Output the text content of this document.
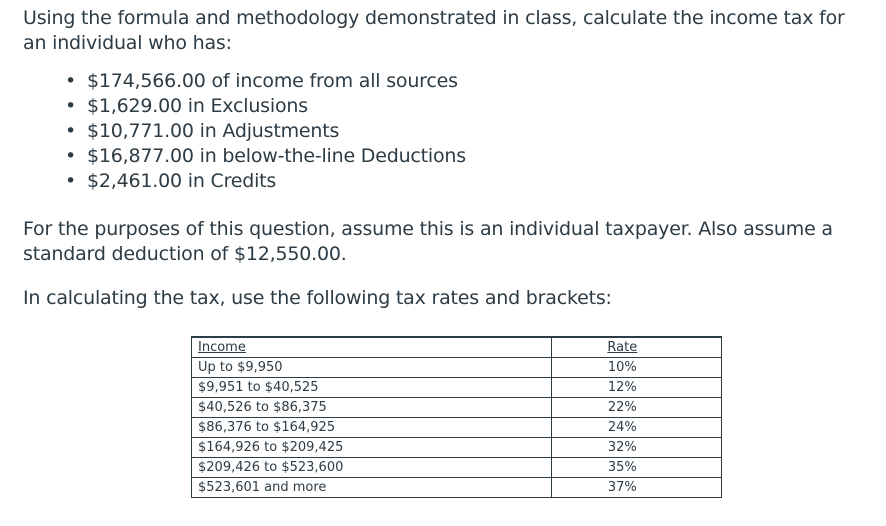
Using the formula and methodology demonstrated in class, calculate the income tax for an individual who has:

• $174,566.00 of income from all sources
• $1,629.00 in Exclusions
• $10,771.00 in Adjustments
• $16,877.00 in below-the-line Deductions
• $2,461.00 in Credits

For the purposes of this question, assume this is an individual taxpayer. Also assume a standard deduction of $12,550.00.

In calculating the tax, use the following tax rates and brackets:

Income	Rate
Up to $9,950	10%
$9,951 to $40,525	12%
$40,526 to $86,375	22%
$86,376 to $164,925	24%
$164,926 to $209,425	32%
$209,426 to $523,600	35%
$523,601 and more	37%
